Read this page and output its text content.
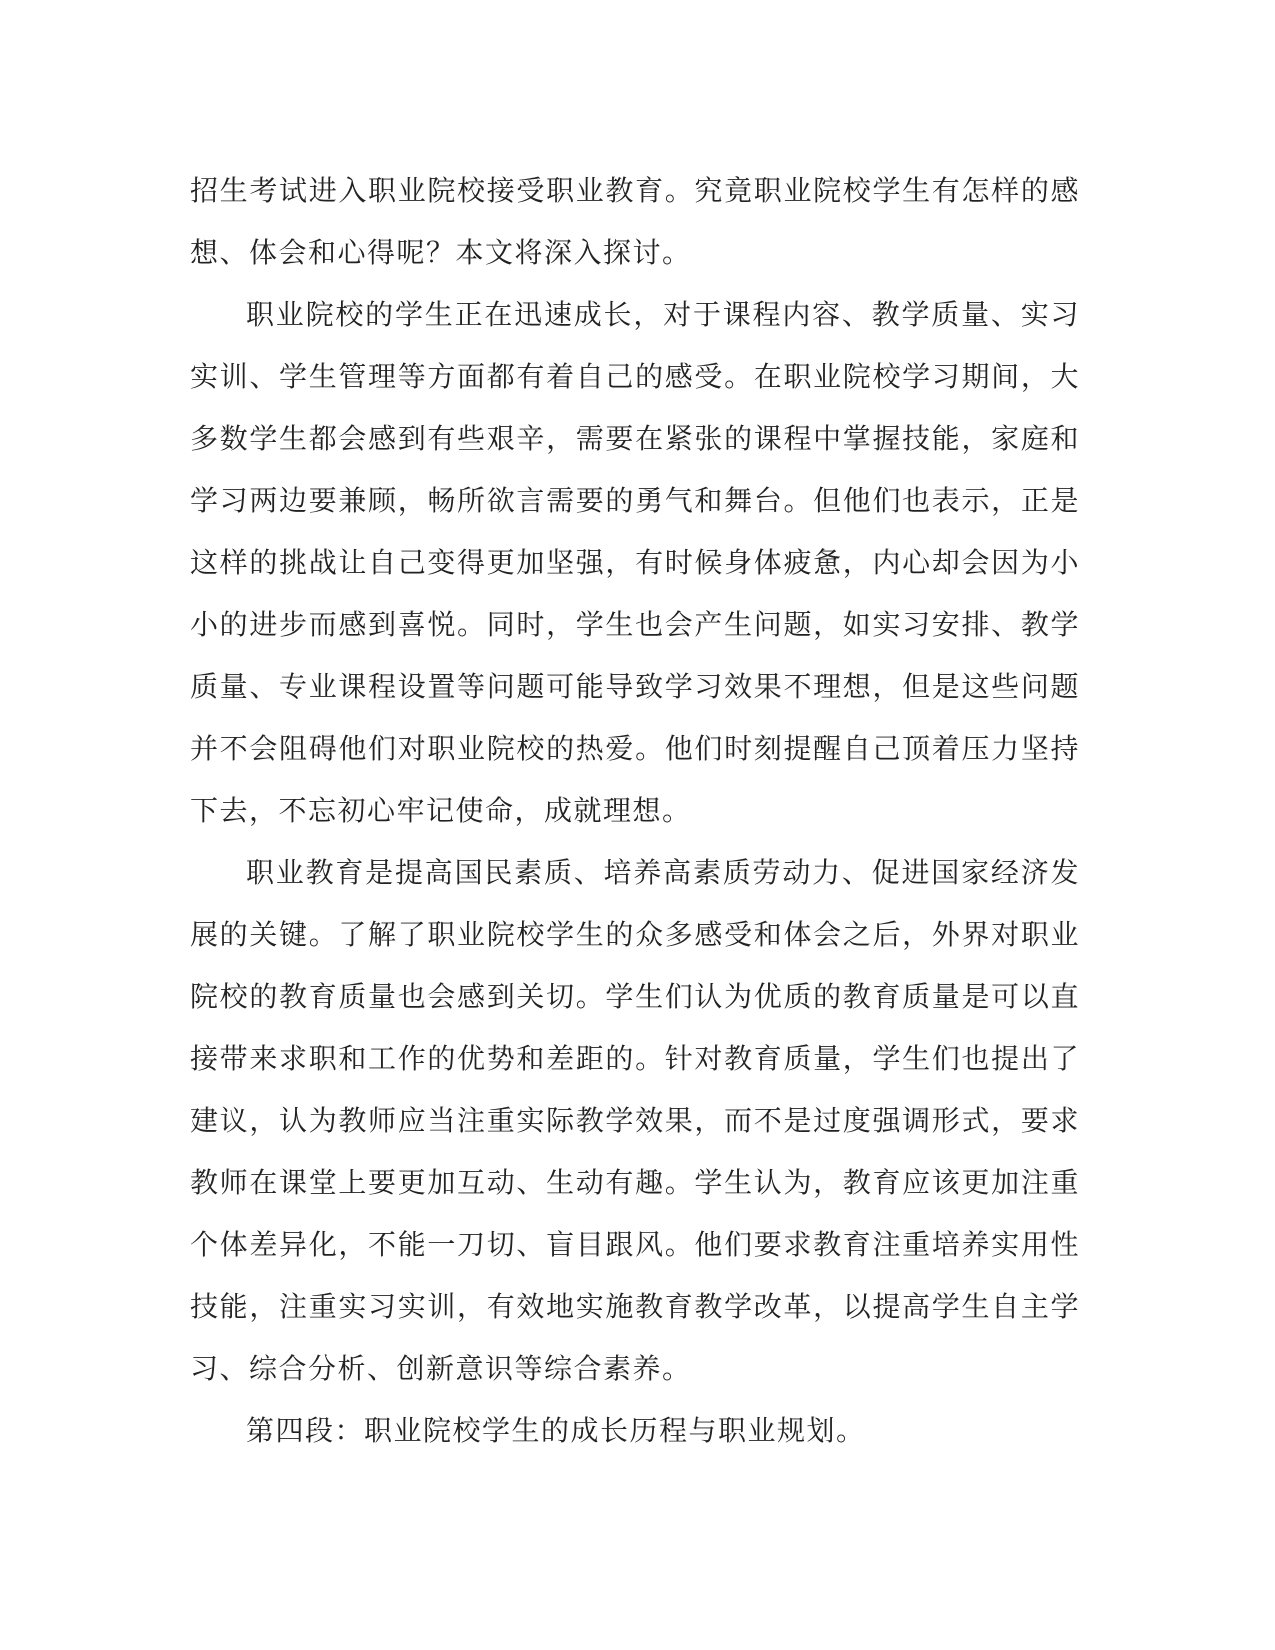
招生考试进入职业院校接受职业教育。究竟职业院校学生有怎样的感想、体会和心得呢？本文将深入探讨。

职业院校的学生正在迅速成长，对于课程内容、教学质量、实习实训、学生管理等方面都有着自己的感受。在职业院校学习期间，大多数学生都会感到有些艰辛，需要在紧张的课程中掌握技能，家庭和学习两边要兼顾，畅所欲言需要的勇气和舞台。但他们也表示，正是这样的挑战让自己变得更加坚强，有时候身体疲惫，内心却会因为小小的进步而感到喜悦。同时，学生也会产生问题，如实习安排、教学质量、专业课程设置等问题可能导致学习效果不理想，但是这些问题并不会阻碍他们对职业院校的热爱。他们时刻提醒自己顶着压力坚持下去，不忘初心牢记使命，成就理想。

职业教育是提高国民素质、培养高素质劳动力、促进国家经济发展的关键。了解了职业院校学生的众多感受和体会之后，外界对职业院校的教育质量也会感到关切。学生们认为优质的教育质量是可以直接带来求职和工作的优势和差距的。针对教育质量，学生们也提出了建议，认为教师应当注重实际教学效果，而不是过度强调形式，要求教师在课堂上要更加互动、生动有趣。学生认为，教育应该更加注重个体差异化，不能一刀切、盲目跟风。他们要求教育注重培养实用性技能，注重实习实训，有效地实施教育教学改革，以提高学生自主学习、综合分析、创新意识等综合素养。

第四段：职业院校学生的成长历程与职业规划。
